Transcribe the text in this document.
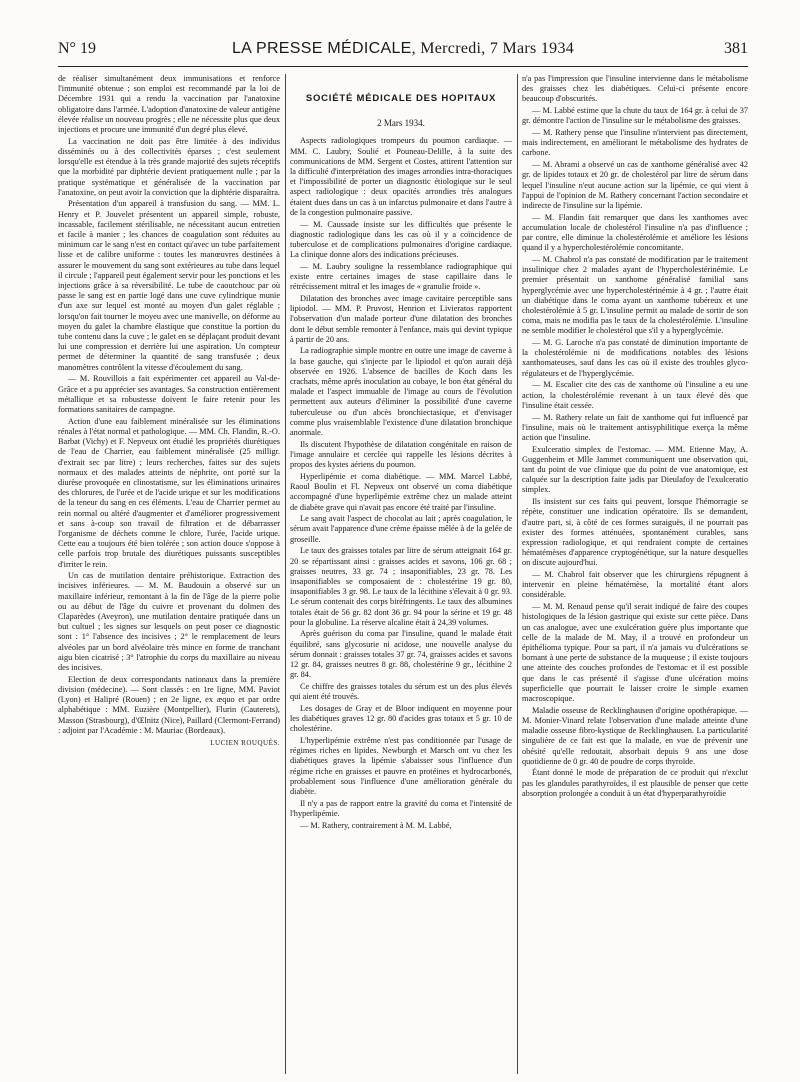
N° 19	LA PRESSE MÉDICALE, Mercredi, 7 Mars 1934	381

de réaliser simultanément deux immunisations et renforce l'immunité obtenue ; son emploi est recommandé par la loi de Décembre 1931 qui a rendu la vaccination par l'anatoxine obligatoire dans l'armée. L'adoption d'anatoxine de valeur antigène élevée réalise un nouveau progrès ; elle ne nécessite plus que deux injections et procure une immunité d'un degré plus élevé.

La vaccination ne doit pas être limitée à des individus disséminés ou à des collectivités éparses ; c'est seulement lorsqu'elle est étendue à la très grande majorité des sujets réceptifs que la morbidité par diphtérie devient pratiquement nulle ; par la pratique systématique et généralisée de la vaccination par l'anatoxine, on peut avoir la conviction que la diphtérie disparaîtra.

Présentation d'un appareil à transfusion du sang. — MM. L. Henry et P. Jouvelet présentent un appareil simple, robuste, incassable, facilement stérilisable, ne nécessitant aucun entretien et facile à manier ; les chances de coagulation sont réduites au minimum car le sang n'est en contact qu'avec un tube parfaitement lisse et de calibre uniforme : toutes les manœuvres destinées à assurer le mouvement du sang sont extérieures au tube dans lequel il circule ; l'appareil peut également servir pour les ponctions et les injections grâce à sa réversibilité. Le tube de caoutchouc par où passe le sang est en partie logé dans une cuve cylindrique munie d'un axe sur lequel est monté au moyen d'un galet réglable ; lorsqu'on fait tourner le moyeu avec une manivelle, on déforme au moyen du galet la chambre élastique que constitue la portion du tube contenu dans la cuve ; le galet en se déplaçant produit devant lui une compression et derrière lui une aspiration. Un compteur permet de déterminer la quantité de sang transfusée ; deux manomètres contrôlent la vitesse d'écoulement du sang.

— M. Rouvillois a fait expérimenter cet appareil au Val-de-Grâce et a pu apprécier ses avantages. Sa construction entièrement métallique et sa robustesse doivent le faire retenir pour les formations sanitaires de campagne.

Action d'une eau faiblement minéralisée sur les éliminations rénales à l'état normal et pathologique. — MM. Ch. Flandin, R.-O. Barbat (Vichy) et F. Nepveux ont étudié les propriétés diurétiques de l'eau de Charrier, eau faiblement minéralisée (25 milligr. d'extrait sec par litre) ; leurs recherches, faites sur des sujets normaux et des malades atteints de néphrite, ont porté sur la diurèse provoquée en clinostatisme, sur les éliminations urinaires des chlorures, de l'urée et de l'acide urique et sur les modifications de la teneur du sang en ces éléments. L'eau de Charrier permet au rein normal ou altéré d'augmenter et d'améliorer progressivement et sans à-coup son travail de filtration et de débarrasser l'organisme de déchets comme le chlore, l'urée, l'acide urique. Cette eau a toujours été bien tolérée ; son action douce s'oppose à celle parfois trop brutale des diurétiques puissants susceptibles d'irriter le rein.

Un cas de mutilation dentaire préhistorique. Extraction des incisives inférieures. — M. M. Baudouin a observé sur un maxillaire inférieur, remontant à la fin de l'âge de la pierre polie ou au début de l'âge du cuivre et provenant du dolmen des Claparèdes (Aveyron), une mutilation dentaire pratiquée dans un but cultuel ; les signes sur lesquels on peut poser ce diagnostic sont : 1° l'absence des incisives ; 2° le remplacement de leurs alvéoles par un bord alvéolaire très mince en forme de tranchant aigu bien cicatrisé ; 3° l'atrophie du corps du maxillaire au niveau des incisives.

Election de deux correspondants nationaux dans la première division (médecine). — Sont classés : en 1re ligne, MM. Paviot (Lyon) et Halipré (Rouen) ; en 2e ligne, ex æquo et par ordre alphabétique : MM. Euzière (Montpellier), Flurin (Cauterets), Masson (Strasbourg), d'Œlnitz (Nice), Paillard (Clermont-Ferrand) : adjoint par l'Académie : M. Mauriac (Bordeaux).

LUCIEN ROUQUÈS.
SOCIÉTÉ MÉDICALE DES HOPITAUX
2 Mars 1934.

Aspects radiologiques trompeurs du poumon cardiaque. — MM. C. Laubry, Soulié et Pouneau-Delille, à la suite des communications de MM. Sergent et Costes, attirent l'attention sur la difficulté d'interprétation des images arrondies intra-thoraciques et l'impossibilité de porter un diagnostic étiologique sur le seul aspect radiologique : deux opacités arrondies très analogues étaient dues dans un cas à un infarctus pulmonaire et dans l'autre à de la congestion pulmonaire passive.

— M. Caussade insiste sur les difficultés que présente le diagnostic radiologique dans les cas où il y a coïncidence de tuberculose et de complications pulmonaires d'origine cardiaque. La clinique donne alors des indications précieuses.

— M. Laubry souligne la ressemblance radiographique qui existe entre certaines images de stase capillaire dans le rétrécissement mitral et les images de « granulie froide ».

Dilatation des bronches avec image cavitaire perceptible sans lipiodol. — MM. P. Pruvost, Henrion et Livieratos rapportent l'observation d'un malade porteur d'une dilatation des bronches dont le début semble remonter à l'enfance, mais qui devint typique à partir de 20 ans.

La radiographie simple montre en outre une image de caverne à la base gauche, qui s'injecte par le lipiodol et qu'on aurait déjà observée en 1926. L'absence de bacilles de Koch dans les crachats, même après inoculation au cobaye, le bon état général du malade et l'aspect immuable de l'image au cours de l'évolution permettent aux auteurs d'éliminer la possibilité d'une caverne tuberculeuse ou d'un abcès bronchiectasique, et d'envisager comme plus vraisemblable l'existence d'une dilatation bronchique anormale.

Ils discutent l'hypothèse de dilatation congénitale en raison de l'image annulaire et cerclée qui rappelle les lésions décrites à propos des kystes aériens du poumon.

Hyperlipémie et coma diabétique. — MM. Marcel Labbé, Raoul Boulin et Fl. Nepveux ont observé un coma diabétique accompagné d'une hyperlipémie extrême chez un malade atteint de diabète grave qui n'avait pas encore été traité par l'insuline.

Le sang avait l'aspect de chocolat au lait ; après coagulation, le sérum avait l'apparence d'une crème épaisse mêlée à de la gelée de groseille.

Le taux des graisses totales par litre de sérum atteignait 164 gr. 20 se répartissant ainsi : graisses acides et savons, 106 gr. 68 ; graisses neutres, 33 gr. 74 ; insaponifiables, 23 gr. 78. Les insaponifiables se composaient de : cholestérine 19 gr. 80, insaponifiables 3 gr. 98. Le taux de la lécithine s'élevait à 0 gr. 93. Le sérum contenait des corps biréfringents. Le taux des albumines totales était de 56 gr. 82 dont 36 gr. 94 pour la sérine et 19 gr. 48 pour la globuline. La réserve alcaline était à 24,39 volumes.

Après guérison du coma par l'insuline, quand le malade était équilibré, sans glycosurie ni acidose, une nouvelle analyse du sérum donnait : graisses totales 37 gr. 74, graisses acides et savons 12 gr. 84, graisses neutres 8 gr. 88, cholestérine 9 gr., lécithine 2 gr. 84.

Ce chiffre des graisses totales du sérum est un des plus élevés qui aient été trouvés.

Les dosages de Gray et de Bloor indiquent en moyenne pour les diabétiques graves 12 gr. 80 d'acides gras totaux et 5 gr. 10 de cholestérine.

L'hyperlipémie extrême n'est pas conditionnée par l'usage de régimes riches en lipides. Newburgh et Marsch ont vu chez les diabétiques graves la lipémie s'abaisser sous l'influence d'un régime riche en graisses et pauvre en protéines et hydrocarbonés, probablement sous l'influence d'une amélioration générale du diabète.

Il n'y a pas de rapport entre la gravité du coma et l'intensité de l'hyperlipémie.

— M. Rathery, contrairement à M. M. Labbé,

n'a pas l'impression que l'insuline intervienne dans le métabolisme des graisses chez les diabétiques. Celui-ci présente encore beaucoup d'obscurités.

— M. Labbé estime que la chute du taux de 164 gr. à celui de 37 gr. démontre l'action de l'insuline sur le métabolisme des graisses.

— M. Rathery pense que l'insuline n'intervient pas directement, mais indirectement, en améliorant le métabolisme des hydrates de carbone.

— M. Abrami a observé un cas de xanthome généralisé avec 42 gr. de lipides totaux et 20 gr. de cholestérol par litre de sérum dans lequel l'insuline n'eut aucune action sur la lipémie, ce qui vient à l'appui de l'opinion de M. Rathery concernant l'action secondaire et indirecte de l'insuline sur la lipémie.

— M. Flandin fait remarquer que dans les xanthomes avec accumulation locale de cholestérol l'insuline n'a pas d'influence ; par contre, elle diminue la cholestérolémie et améliore les lésions quand il y a hypercholestérolémie concomitante.

— M. Chabrol n'a pas constaté de modification par le traitement insulinique chez 2 malades ayant de l'hypercholestérinémie. Le premier présentait un xanthome généralisé familial sans hyperglycémie avec une hypercholestérinémie à 4 gr. ; l'autre était un diabétique dans le coma ayant un xanthome tubéreux et une cholestérolémie à 5 gr. L'insuline permit au malade de sortir de son coma, mais ne modifia pas le taux de la cholestérolémie. L'insuline ne semble modifier le cholestérol que s'il y a hyperglycémie.

— M. G. Laroche n'a pas constaté de diminution importante de la cholestérolémie ni de modifications notables des lésions xanthomateuses, sauf dans les cas où il existe des troubles glyco-régulateurs et de l'hyperglycémie.

— M. Escalier cite des cas de xanthome où l'insuline a eu une action, la cholestérolémie revenant à un taux élevé dès que l'insuline était cessée.

— M. Rathery relate un fait de xanthome qui fut influencé par l'insuline, mais où le traitement antisyphilitique exerça la même action que l'insuline.

Exulceratio simplex de l'estomac. — MM. Etienne May, A. Guggenheim et Mlle Jammet communiquent une observation qui, tant du point de vue clinique que du point de vue anatomique, est calquée sur la description faite jadis par Dieulafoy de l'exulceratio simplex.

Ils insistent sur ces faits qui peuvent, lorsque l'hémorragie se répète, constituer une indication opératoire. Ils se demandent, d'autre part, si, à côté de ces formes suraiguës, il ne pourrait pas exister des formes atténuées, spontanément curables, sans expression radiologique, et qui rendraient compte de certaines hématémèses d'apparence cryptogénétique, sur la nature desquelles on discute aujourd'hui.

— M. Chabrol fait observer que les chirurgiens répugnent à intervenir en pleine hématémèse, la mortalité étant alors considérable.

— M. M. Renaud pense qu'il serait indiqué de faire des coupes histologiques de la lésion gastrique qui existe sur cette pièce. Dans un cas analogue, avec une exulcération guère plus importante que celle de la malade de M. May, il a trouvé en profondeur un épithélioma typique. Pour sa part, il n'a jamais vu d'ulcérations se bornant à une perte de substance de la muqueuse ; il existe toujours une atteinte des couches profondes de l'estomac et il est possible que dans le cas présenté il s'agisse d'une ulcération moins superficielle que pourrait le laisser croire le simple examen macroscopique.

Maladie osseuse de Recklinghausen d'origine opothérapique. — M. Monier-Vinard relate l'observation d'une malade atteinte d'une maladie osseuse fibro-kystique de Recklinghausen. La particularité singulière de ce fait est que la malade, en vue de prévenir une obésité qu'elle redoutait, absorbait depuis 9 ans une dose quotidienne de 0 gr. 40 de poudre de corps thyroïde.

Étant donné le mode de préparation de ce produit qui n'exclut pas les glandules parathyroïdes, il est plausible de penser que cette absorption prolongée a conduit à un état d'hyperparathyroïdie
